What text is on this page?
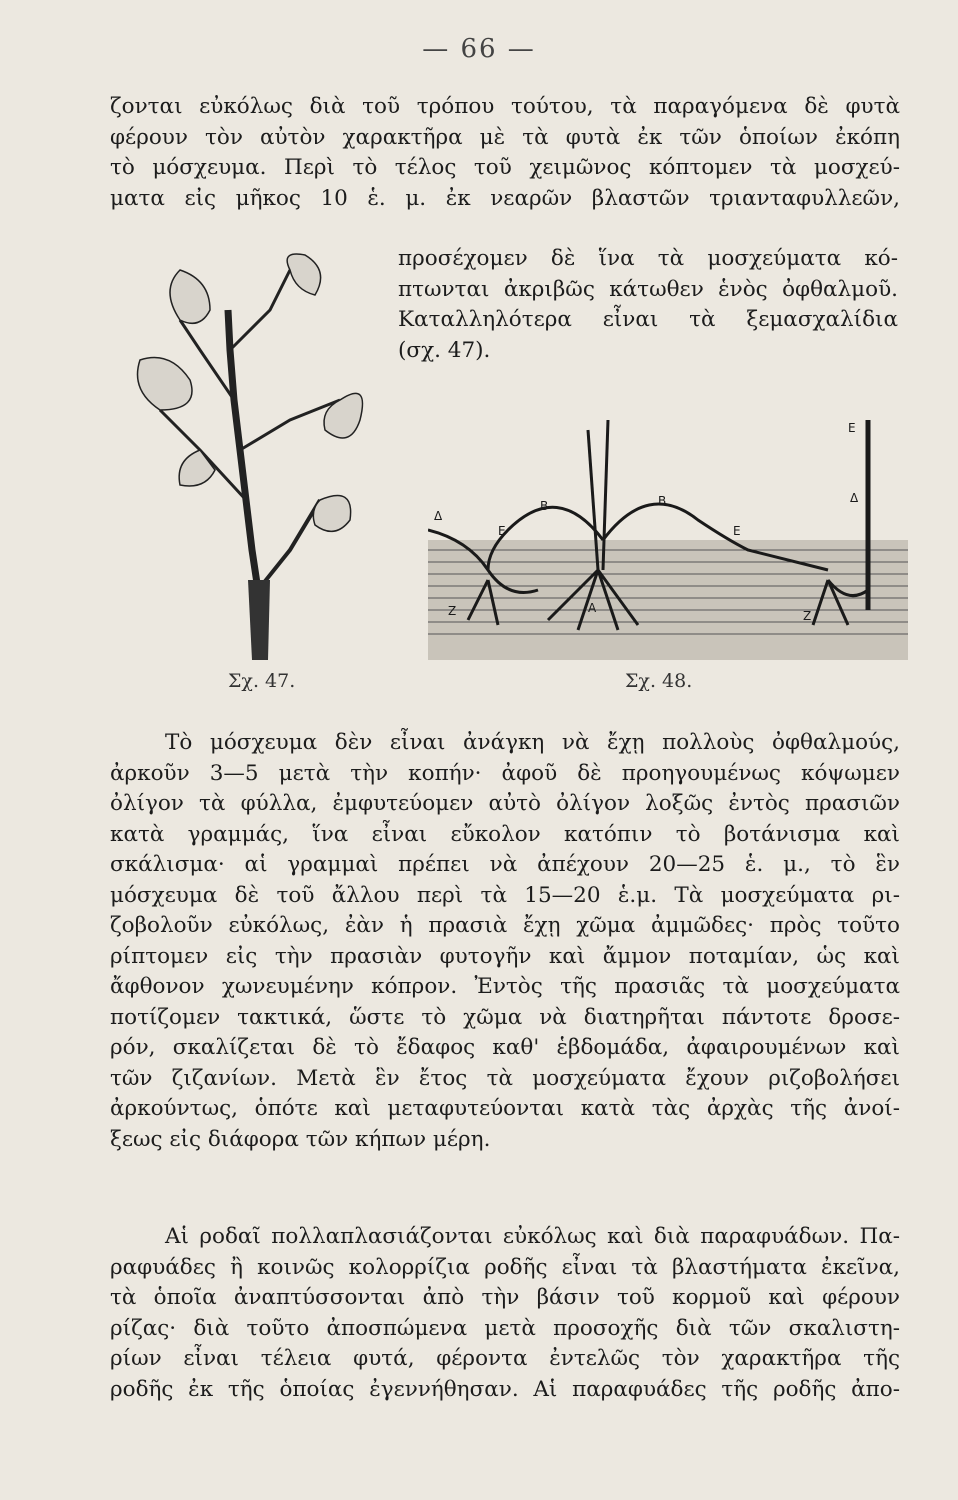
— 66 —
ζονται εὐκόλως διὰ τοῦ τρόπου τούτου, τὰ παραγόμενα δὲ φυτὰ
φέρουν τὸν αὐτὸν χαρακτῆρα μὲ τὰ φυτὰ ἐκ τῶν ὁποίων ἐκόπη
τὸ μόσχευμα. Περὶ τὸ τέλος τοῦ χειμῶνος κόπτομεν τὰ μοσχεύ-
ματα εἰς μῆκος 10 ἑ. μ. ἐκ νεαρῶν βλαστῶν τριανταφυλλεῶν,
προσέχομεν δὲ ἵνα τὰ μοσχεύματα κό-
πτωνται ἀκριβῶς κάτωθεν ἑνὸς ὀφθαλμοῦ.
Καταλληλότερα εἶναι τὰ ξεμασχαλίδια
(σχ. 47).
Σχ. 47.
Δ
Ε
Β	Β
Ε
Ε
Δ
Α
Ζ	Ζ
Σχ. 48.
Τὸ μόσχευμα δὲν εἶναι ἀνάγκη νὰ ἔχῃ πολλοὺς ὀφθαλμούς,
ἀρκοῦν 3—5 μετὰ τὴν κοπήν· ἀφοῦ δὲ προηγουμένως κόψωμεν
ὀλίγον τὰ φύλλα, ἐμφυτεύομεν αὐτὸ ὀλίγον λοξῶς ἐντὸς πρασιῶν
κατὰ γραμμάς, ἵνα εἶναι εὔκολον κατόπιν τὸ βοτάνισμα καὶ
σκάλισμα· αἱ γραμμαὶ πρέπει νὰ ἀπέχουν 20—25 ἑ. μ., τὸ ἓν
μόσχευμα δὲ τοῦ ἄλλου περὶ τὰ 15—20 ἑ.μ. Τὰ μοσχεύματα ρι-
ζοβολοῦν εὐκόλως, ἐὰν ἡ πρασιὰ ἔχῃ χῶμα ἀμμῶδες· πρὸς τοῦτο
ρίπτομεν εἰς τὴν πρασιὰν φυτογῆν καὶ ἄμμον ποταμίαν, ὡς καὶ
ἄφθονον χωνευμένην κόπρον. Ἐντὸς τῆς πρασιᾶς τὰ μοσχεύματα
ποτίζομεν τακτικά, ὥστε τὸ χῶμα νὰ διατηρῆται πάντοτε δροσε-
ρόν, σκαλίζεται δὲ τὸ ἔδαφος καθ' ἑβδομάδα, ἀφαιρουμένων καὶ
τῶν ζιζανίων. Μετὰ ἓν ἔτος τὰ μοσχεύματα ἔχουν ριζοβολήσει
ἀρκούντως, ὁπότε καὶ μεταφυτεύονται κατὰ τὰς ἀρχὰς τῆς ἀνοί-
ξεως εἰς διάφορα τῶν κήπων μέρη.
Αἱ ροδαῖ πολλαπλασιάζονται εὐκόλως καὶ διὰ παραφυάδων. Πα-
ραφυάδες ἢ κοινῶς κολορρίζια ροδῆς εἶναι τὰ βλαστήματα ἐκεῖνα,
τὰ ὁποῖα ἀναπτύσσονται ἀπὸ τὴν βάσιν τοῦ κορμοῦ καὶ φέρουν
ρίζας· διὰ τοῦτο ἀποσπώμενα μετὰ προσοχῆς διὰ τῶν σκαλιστη-
ρίων εἶναι τέλεια φυτά, φέροντα ἐντελῶς τὸν χαρακτῆρα τῆς
ροδῆς ἐκ τῆς ὁποίας ἐγεννήθησαν. Αἱ παραφυάδες τῆς ροδῆς ἀπο-
